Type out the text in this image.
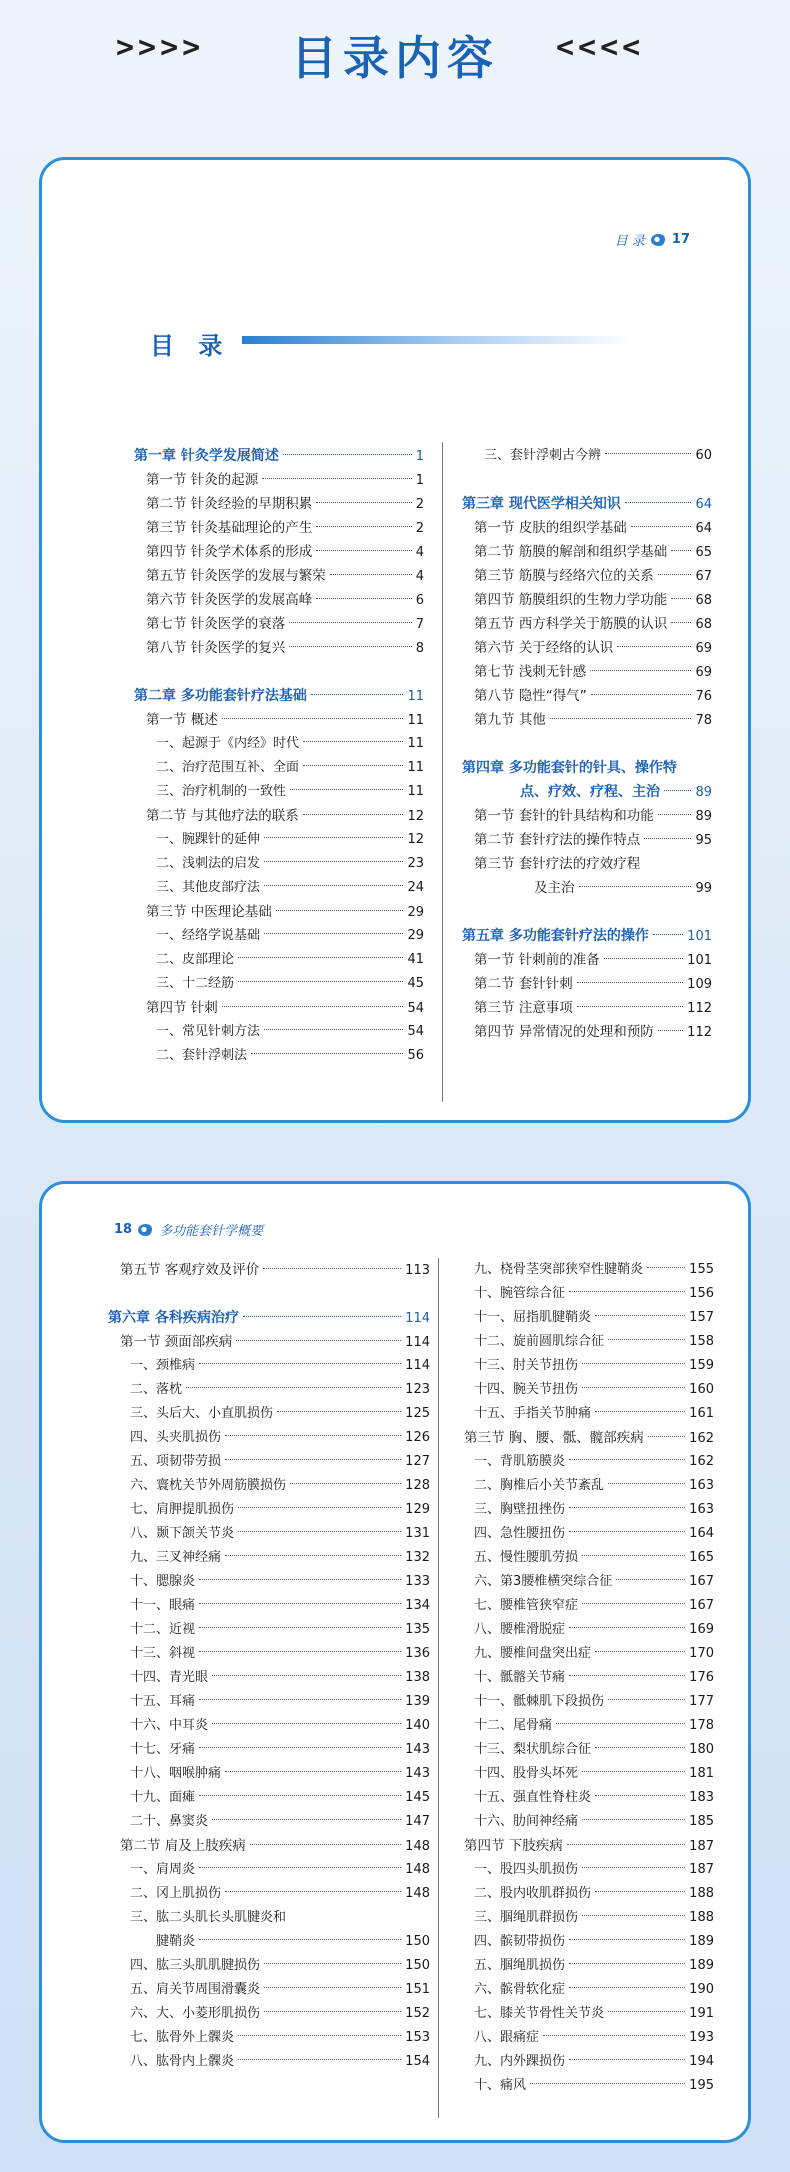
>>>>	目录内容	<<<<
目 录 17
目 录
第一章 针灸学发展简述	1
第一节 针灸的起源	1
第二节 针灸经验的早期积累	2
第三节 针灸基础理论的产生	2
第四节 针灸学术体系的形成	4
第五节 针灸医学的发展与繁荣	4
第六节 针灸医学的发展高峰	6
第七节 针灸医学的衰落	7
第八节 针灸医学的复兴	8
第二章 多功能套针疗法基础	11
第一节 概述	11
一、起源于《内经》时代	11
二、治疗范围互补、全面	11
三、治疗机制的一致性	11
第二节 与其他疗法的联系	12
一、腕踝针的延伸	12
二、浅刺法的启发	23
三、其他皮部疗法	24
第三节 中医理论基础	29
一、经络学说基础	29
二、皮部理论	41
三、十二经筋	45
第四节 针刺	54
一、常见针刺方法	54
二、套针浮刺法	56
三、套针浮刺古今辨	60
第三章 现代医学相关知识	64
第一节 皮肤的组织学基础	64
第二节 筋膜的解剖和组织学基础 65
第三节 筋膜与经络穴位的关系	67
第四节 筋膜组织的生物力学功能 68
第五节 西方科学关于筋膜的认识 68
第六节 关于经络的认识	69
第七节 浅刺无针感	69
第八节 隐性“得气”	76
第九节 其他	78
第四章 多功能套针的针具、操作特
点、疗效、疗程、主治	89
第一节 套针的针具结构和功能	89
第二节 套针疗法的操作特点	95
第三节 套针疗法的疗效疗程
及主治	99
第五章 多功能套针疗法的操作	101
第一节 针刺前的准备	101
第二节 套针针刺	109
第三节 注意事项	112
第四节 异常情况的处理和预防	112
18 多功能套针学概要
第五节 客观疗效及评价	113
第六章 各科疾病治疗	114
第一节 颈面部疾病	114
一、颈椎病	114
二、落枕	123
三、头后大、小直肌损伤	125
四、头夹肌损伤	126
五、项韧带劳损	127
六、寰枕关节外周筋膜损伤	128
七、肩胛提肌损伤	129
八、颞下颌关节炎	131
九、三叉神经痛	132
十、腮腺炎	133
十一、眼痛	134
十二、近视	135
十三、斜视	136
十四、青光眼	138
十五、耳痛	139
十六、中耳炎	140
十七、牙痛	143
十八、咽喉肿痛	143
十九、面瘫	145
二十、鼻窦炎	147
第二节 肩及上肢疾病	148
一、肩周炎	148
二、冈上肌损伤	148
三、肱二头肌长头肌腱炎和
腱鞘炎	150
四、肱三头肌肌腱损伤	150
五、肩关节周围滑囊炎	151
六、大、小菱形肌损伤	152
七、肱骨外上髁炎	153
八、肱骨内上髁炎	154
九、桡骨茎突部狭窄性腱鞘炎	155
十、腕管综合征	156
十一、屈指肌腱鞘炎	157
十二、旋前圆肌综合征	158
十三、肘关节扭伤	159
十四、腕关节扭伤	160
十五、手指关节肿痛	161
第三节 胸、腰、骶、髋部疾病	162
一、背肌筋膜炎	162
二、胸椎后小关节紊乱	163
三、胸壁扭挫伤	163
四、急性腰扭伤	164
五、慢性腰肌劳损	165
六、第3腰椎横突综合征	167
七、腰椎管狭窄症	167
八、腰椎滑脱症	169
九、腰椎间盘突出症	170
十、骶髂关节痛	176
十一、骶棘肌下段损伤	177
十二、尾骨痛	178
十三、梨状肌综合征	180
十四、股骨头坏死	181
十五、强直性脊柱炎	183
十六、肋间神经痛	185
第四节 下肢疾病	187
一、股四头肌损伤	187
二、股内收肌群损伤	188
三、腘绳肌群损伤	188
四、髌韧带损伤	189
五、腘绳肌损伤	189
六、髌骨软化症	190
七、膝关节骨性关节炎	191
八、跟痛症	193
九、内外踝损伤	194
十、痛风	195
